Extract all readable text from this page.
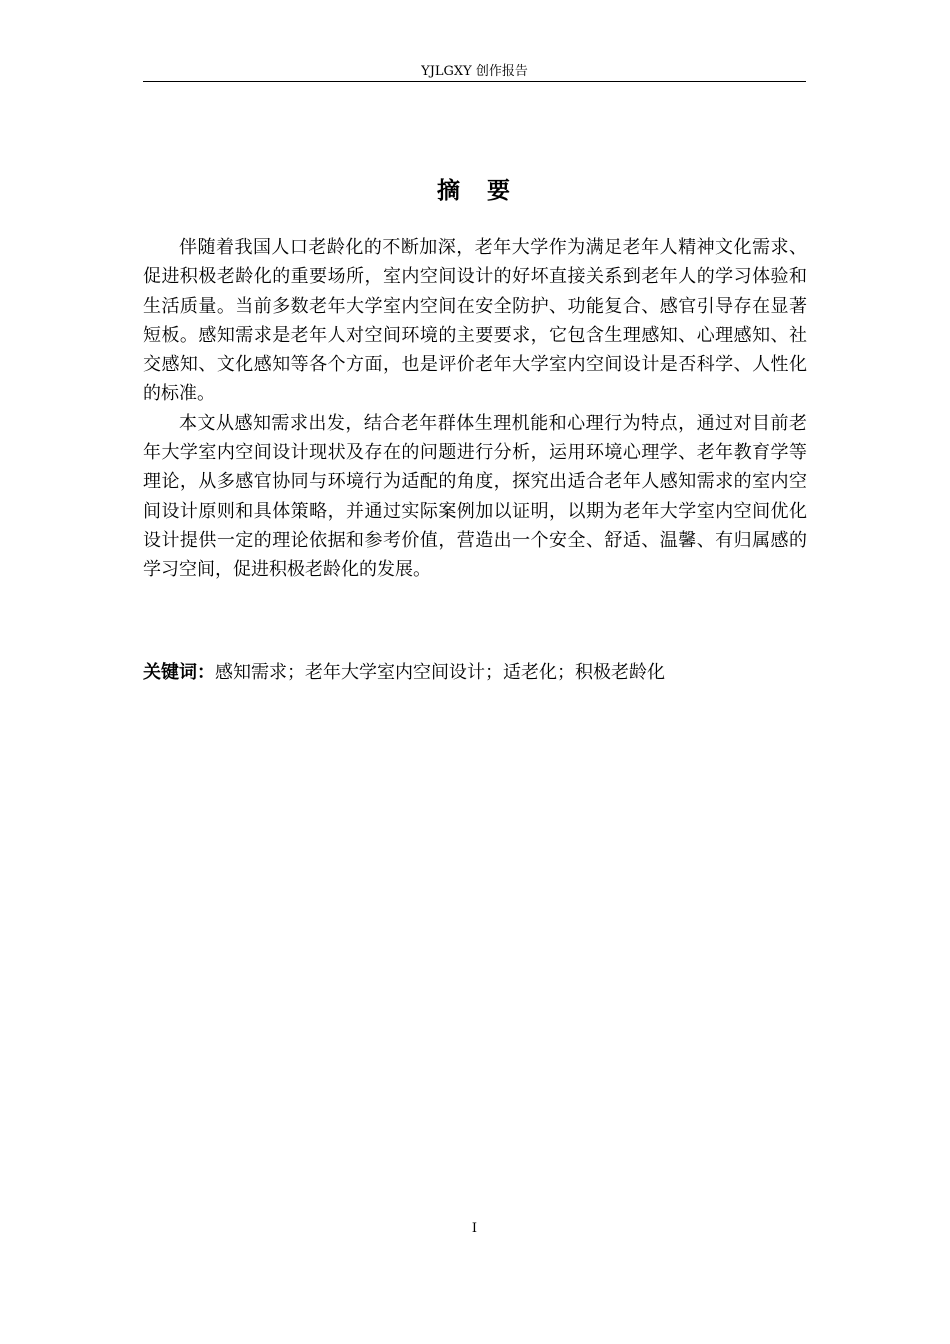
YJLGXY 创作报告
摘　要

伴随着我国人口老龄化的不断加深，老年大学作为满足老年人精神文化需求、促进积极老龄化的重要场所，室内空间设计的好坏直接关系到老年人的学习体验和生活质量。当前多数老年大学室内空间在安全防护、功能复合、感官引导存在显著短板。感知需求是老年人对空间环境的主要要求，它包含生理感知、心理感知、社交感知、文化感知等各个方面，也是评价老年大学室内空间设计是否科学、人性化的标准。

本文从感知需求出发，结合老年群体生理机能和心理行为特点，通过对目前老年大学室内空间设计现状及存在的问题进行分析，运用环境心理学、老年教育学等理论，从多感官协同与环境行为适配的角度，探究出适合老年人感知需求的室内空间设计原则和具体策略，并通过实际案例加以证明，以期为老年大学室内空间优化设计提供一定的理论依据和参考价值，营造出一个安全、舒适、温馨、有归属感的学习空间，促进积极老龄化的发展。

关键词：感知需求；老年大学室内空间设计；适老化；积极老龄化
I
